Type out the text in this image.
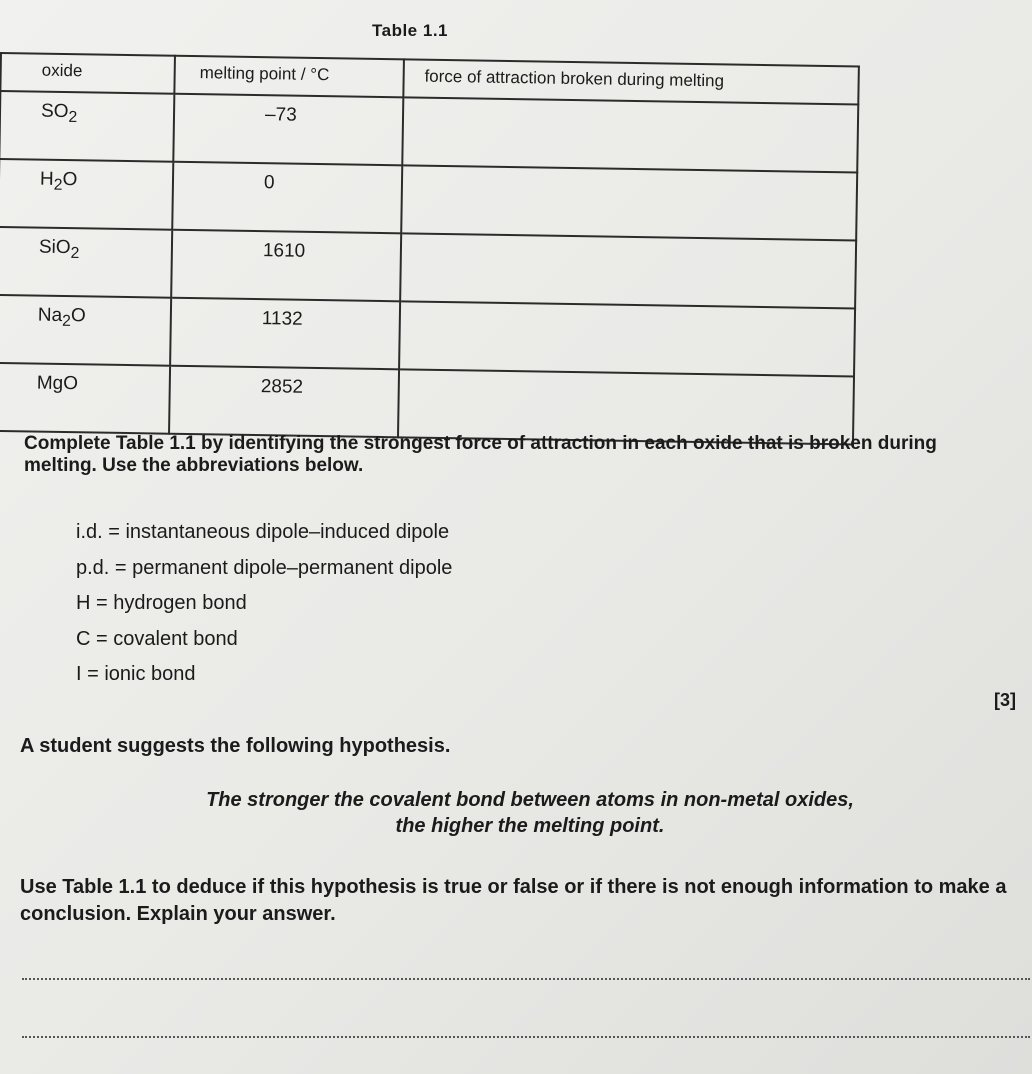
Table 1.1
oxide	melting point / °C	force of attraction broken during melting
$SO_2$	–73	
$H_2O$	0	
SiO$_2$	1610	
$Na_2O$	1132	
MgO	2852	
Complete Table 1.1 by identifying the strongest force of attraction in each oxide that is broken during melting. Use the abbreviations below.
i.d. = instantaneous dipole–induced dipole
p.d. = permanent dipole–permanent dipole
H = hydrogen bond
C = covalent bond
I = ionic bond
[3]
A student suggests the following hypothesis.
The stronger the covalent bond between atoms in non-metal oxides,
the higher the melting point.
Use Table 1.1 to deduce if this hypothesis is true or false or if there is not enough information to make a conclusion. Explain your answer.
